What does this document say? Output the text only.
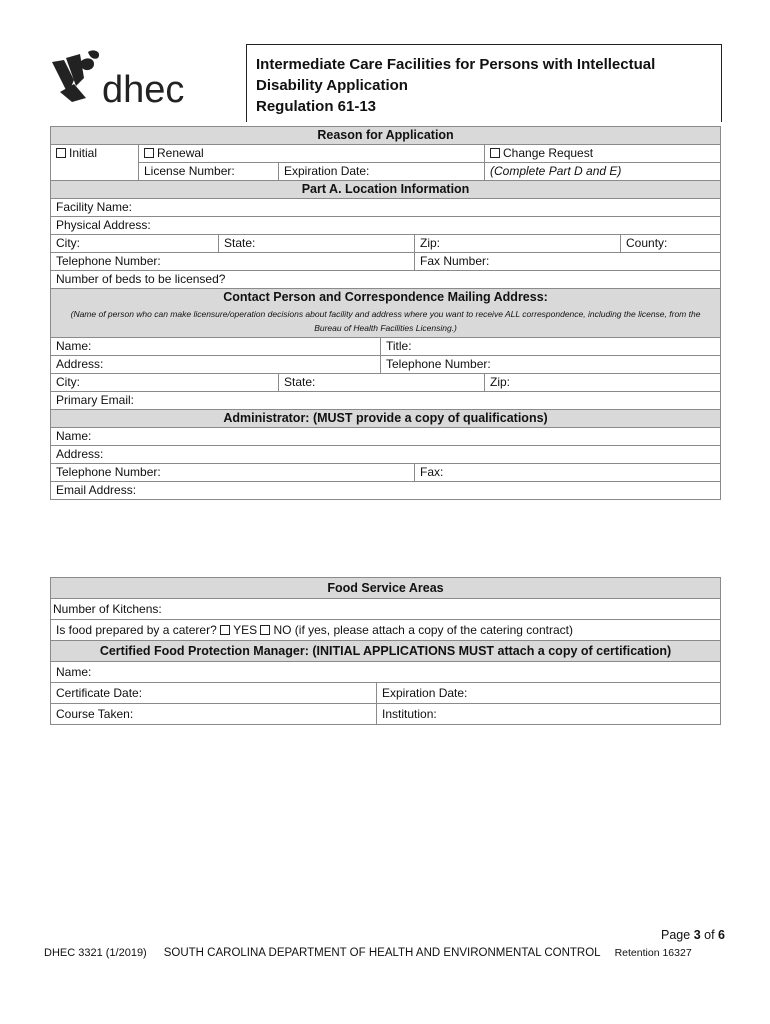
dhec
Intermediate Care Facilities for Persons with Intellectual
Disability Application
Regulation 61-13
Reason for Application							
Initial	Renewal					Change Request	
	License Number:		Expiration Date:			(Complete Part D and E)	
Part A. Location Information							
Facility Name:							
Physical Address:							
City:		State:			Zip:		County:
Telephone Number:					Fax Number:		
Number of beds to be licensed?							
Contact Person and Correspondence Mailing Address:							
(Name of person who can make licensure/operation decisions about facility and address where you want to receive ALL correspondence, including the license, from the Bureau of Health Facilities Licensing.)							
Name:				Title:			
Address:				Telephone Number:			
City:			State:			Zip:	
Primary Email:							
Administrator: (MUST provide a copy of qualifications)							
Name:							
Address:							
Telephone Number:					Fax:		
Email Address:							
Food Service Areas	
Number of Kitchens:	
Is food prepared by a caterer? YES NO (if yes, please attach a copy of the catering contract)	
Certified Food Protection Manager: (INITIAL APPLICATIONS MUST attach a copy of certification)	
Name:	
Certificate Date:	Expiration Date:
Course Taken:	Institution:
Page 3 of 6
DHEC 3321 (1/2019) SOUTH CAROLINA DEPARTMENT OF HEALTH AND ENVIRONMENTAL CONTROL Retention 16327
